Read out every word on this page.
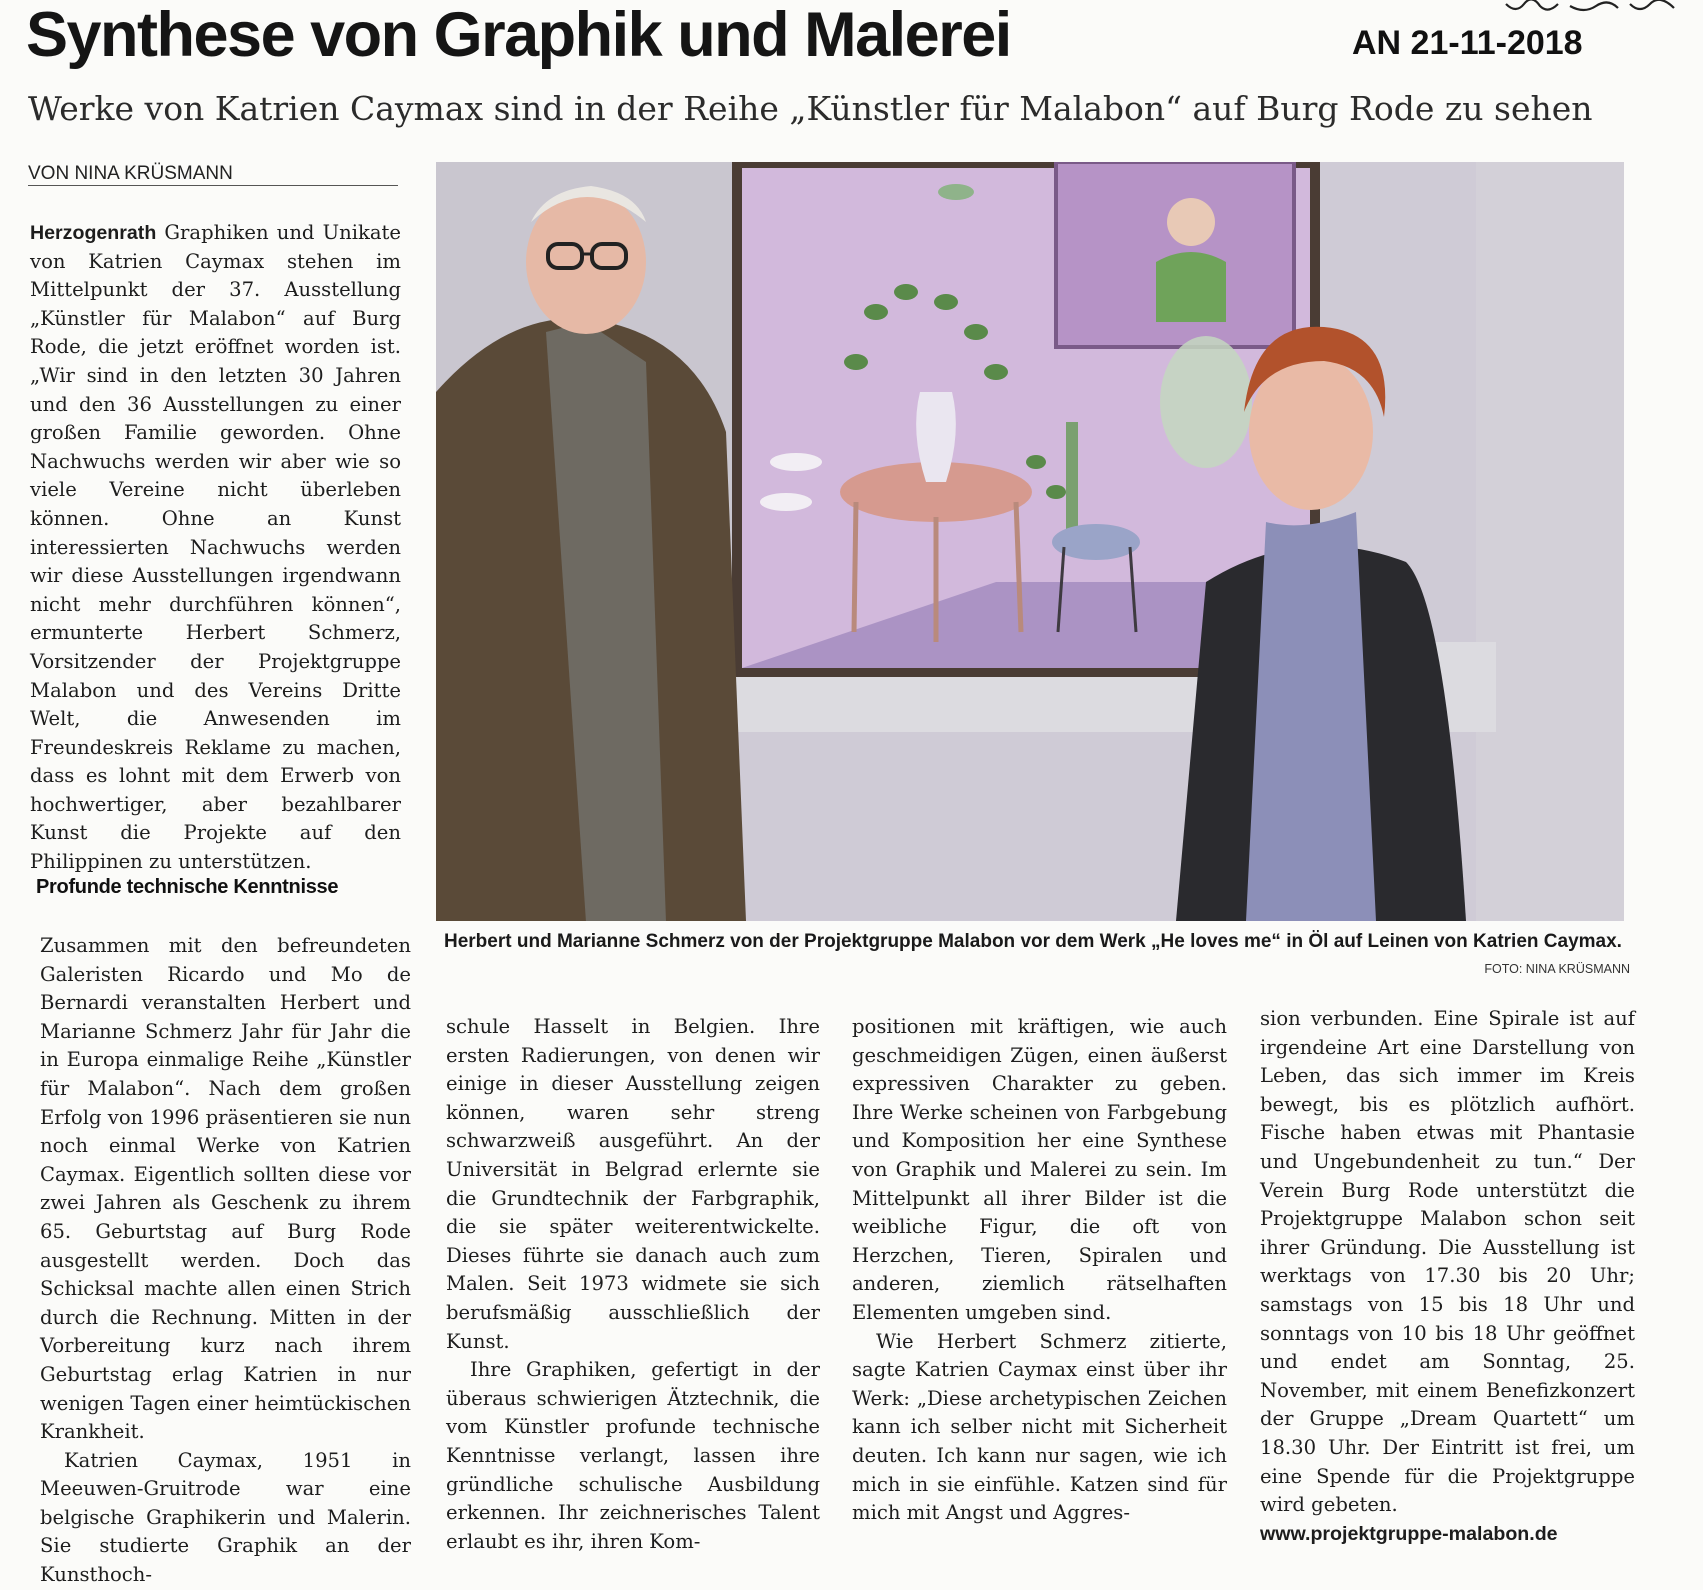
Synthese von Graphik und Malerei	AN 21-11-2018
Werke von Katrien Caymax sind in der Reihe „Künstler für Malabon“ auf Burg Rode zu sehen
VON NINA KRÜSMANN

Herzogenrath Graphiken und Unikate von Katrien Caymax stehen im Mittelpunkt der 37. Ausstellung „Künstler für Malabon“ auf Burg Rode, die jetzt eröffnet worden ist. „Wir sind in den letzten 30 Jahren und den 36 Ausstellungen zu einer großen Familie geworden. Ohne Nachwuchs werden wir aber wie so viele Vereine nicht überleben können. Ohne an Kunst interessierten Nachwuchs werden wir diese Ausstellungen irgendwann nicht mehr durchführen können“, ermunterte Herbert Schmerz, Vorsitzender der Projektgruppe Malabon und des Vereins Dritte Welt, die Anwesenden im Freundeskreis Reklame zu machen, dass es lohnt mit dem Erwerb von hochwertiger, aber bezahlbarer Kunst die Projekte auf den Philippinen zu unterstützen.

Profunde technische Kenntnisse

Zusammen mit den befreundeten Galeristen Ricardo und Mo de Bernardi veranstalten Herbert und Marianne Schmerz Jahr für Jahr die in Europa einmalige Reihe „Künstler für Malabon“. Nach dem großen Erfolg von 1996 präsentieren sie nun noch einmal Werke von Katrien Caymax. Eigentlich sollten diese vor zwei Jahren als Geschenk zu ihrem 65. Geburtstag auf Burg Rode ausgestellt werden. Doch das Schicksal machte allen einen Strich durch die Rechnung. Mitten in der Vorbereitung kurz nach ihrem Geburtstag erlag Katrien in nur wenigen Tagen einer heimtückischen Krankheit.

Katrien Caymax, 1951 in Meeuwen-Gruitrode war eine belgische Graphikerin und Malerin. Sie studierte Graphik an der Kunsthoch-

schule Hasselt in Belgien. Ihre ersten Radierungen, von denen wir einige in dieser Ausstellung zeigen können, waren sehr streng schwarzweiß ausgeführt. An der Universität in Belgrad erlernte sie die Grundtechnik der Farbgraphik, die sie später weiterentwickelte. Dieses führte sie danach auch zum Malen. Seit 1973 widmete sie sich berufsmäßig ausschließlich der Kunst.

Ihre Graphiken, gefertigt in der überaus schwierigen Ätztechnik, die vom Künstler profunde technische Kenntnisse verlangt, lassen ihre gründliche schulische Ausbildung erkennen. Ihr zeichnerisches Talent erlaubt es ihr, ihren Kom-

positionen mit kräftigen, wie auch geschmeidigen Zügen, einen äußerst expressiven Charakter zu geben. Ihre Werke scheinen von Farbgebung und Komposition her eine Synthese von Graphik und Malerei zu sein. Im Mittelpunkt all ihrer Bilder ist die weibliche Figur, die oft von Herzchen, Tieren, Spiralen und anderen, ziemlich rätselhaften Elementen umgeben sind.

Wie Herbert Schmerz zitierte, sagte Katrien Caymax einst über ihr Werk: „Diese archetypischen Zeichen kann ich selber nicht mit Sicherheit deuten. Ich kann nur sagen, wie ich mich in sie einfühle. Katzen sind für mich mit Angst und Aggres-

sion verbunden. Eine Spirale ist auf irgendeine Art eine Darstellung von Leben, das sich immer im Kreis bewegt, bis es plötzlich aufhört. Fische haben etwas mit Phantasie und Ungebundenheit zu tun.“ Der Verein Burg Rode unterstützt die Projektgruppe Malabon schon seit ihrer Gründung. Die Ausstellung ist werktags von 17.30 bis 20 Uhr; samstags von 15 bis 18 Uhr und sonntags von 10 bis 18 Uhr geöffnet und endet am Sonntag, 25. November, mit einem Benefizkonzert der Gruppe „Dream Quartett“ um 18.30 Uhr. Der Eintritt ist frei, um eine Spende für die Projektgruppe wird gebeten.

www.projektgruppe-malabon.de

Herbert und Marianne Schmerz von der Projektgruppe Malabon vor dem Werk „He loves me“ in Öl auf Leinen von Katrien Caymax.
FOTO: NINA KRÜSMANN
